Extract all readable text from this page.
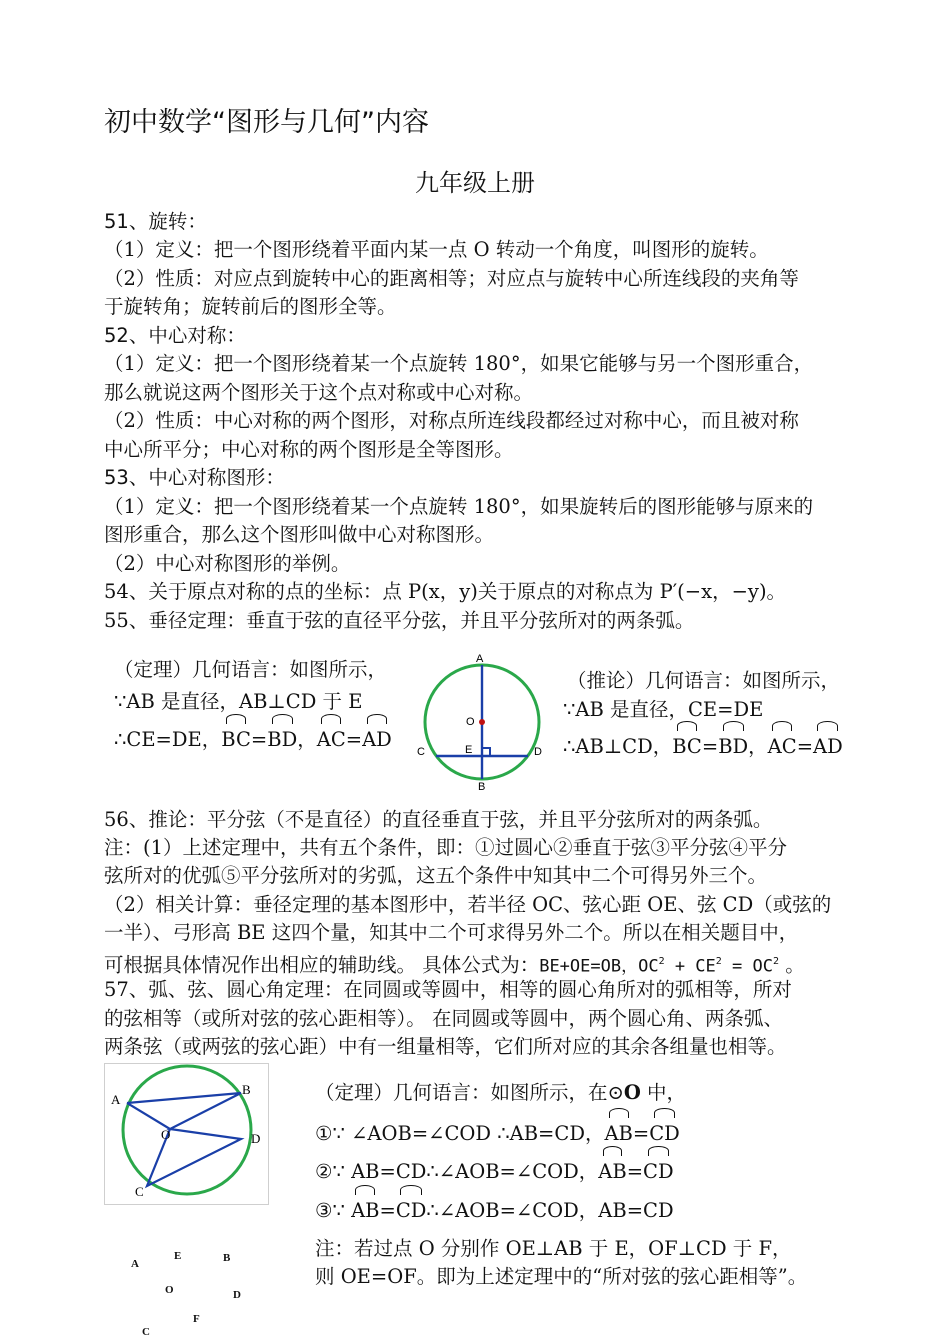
初中数学“图形与几何”内容
九年级上册
51、旋转：
（1）定义：把一个图形绕着平面内某一点 O 转动一个角度，叫图形的旋转。
（2）性质：对应点到旋转中心的距离相等；对应点与旋转中心所连线段的夹角等
于旋转角；旋转前后的图形全等。
52、中心对称：
（1）定义：把一个图形绕着某一个点旋转 180°，如果它能够与另一个图形重合，
那么就说这两个图形关于这个点对称或中心对称。
（2）性质：中心对称的两个图形，对称点所连线段都经过对称中心，而且被对称
中心所平分；中心对称的两个图形是全等图形。
53、中心对称图形：
（1）定义：把一个图形绕着某一个点旋转 180°，如果旋转后的图形能够与原来的
图形重合，那么这个图形叫做中心对称图形。
（2）中心对称图形的举例。
54、关于原点对称的点的坐标：点 P(x，y)关于原点的对称点为 P′(−x，−y)。
55、垂径定理：垂直于弦的直径平分弦，并且平分弦所对的两条弧。
（定理）几何语言：如图所示，
∵AB 是直径，AB⊥CD 于 E
∴CE=DE，BC=BD，AC=AD
A
O
C	E	D
B
（推论）几何语言：如图所示，
∵AB 是直径，CE=DE
∴AB⊥CD，BC=BD，AC=AD
56、推论：平分弦（不是直径）的直径垂直于弦，并且平分弦所对的两条弧。
注：(1）上述定理中，共有五个条件，即：①过圆心②垂直于弦③平分弦④平分
弦所对的优弧⑤平分弦所对的劣弧，这五个条件中知其中二个可得另外三个。
（2）相关计算：垂径定理的基本图形中，若半径 OC、弦心距 OE、弦 CD（或弦的
一半）、弓形高 BE 这四个量，知其中二个可求得另外二个。所以在相关题目中，
可根据具体情况作出相应的辅助线。 具体公式为：BE+OE=OB，$OC^2 + CE^2 = OC^2$ 。
57、弧、弦、圆心角定理：在同圆或等圆中，相等的圆心角所对的弧相等，所对
的弦相等（或所对弦的弦心距相等）。 在同圆或等圆中，两个圆心角、两条弧、
两条弦（或两弦的弦心距）中有一组量相等，它们所对应的其余各组量也相等。
A
B
O	D
C
（定理）几何语言：如图所示，在⊙O 中，
①∵ ∠AOB=∠COD ∴AB=CD，AB=CD
②∵ AB=CD∴∠AOB=∠COD，AB=CD
③∵ AB=CD∴∠AOB=∠COD，AB=CD
注：若过点 O 分别作 OE⊥AB 于 E，OF⊥CD 于 F，
则 OE=OF。即为上述定理中的“所对弦的弦心距相等”。
A
E	B
O	D
F
C
